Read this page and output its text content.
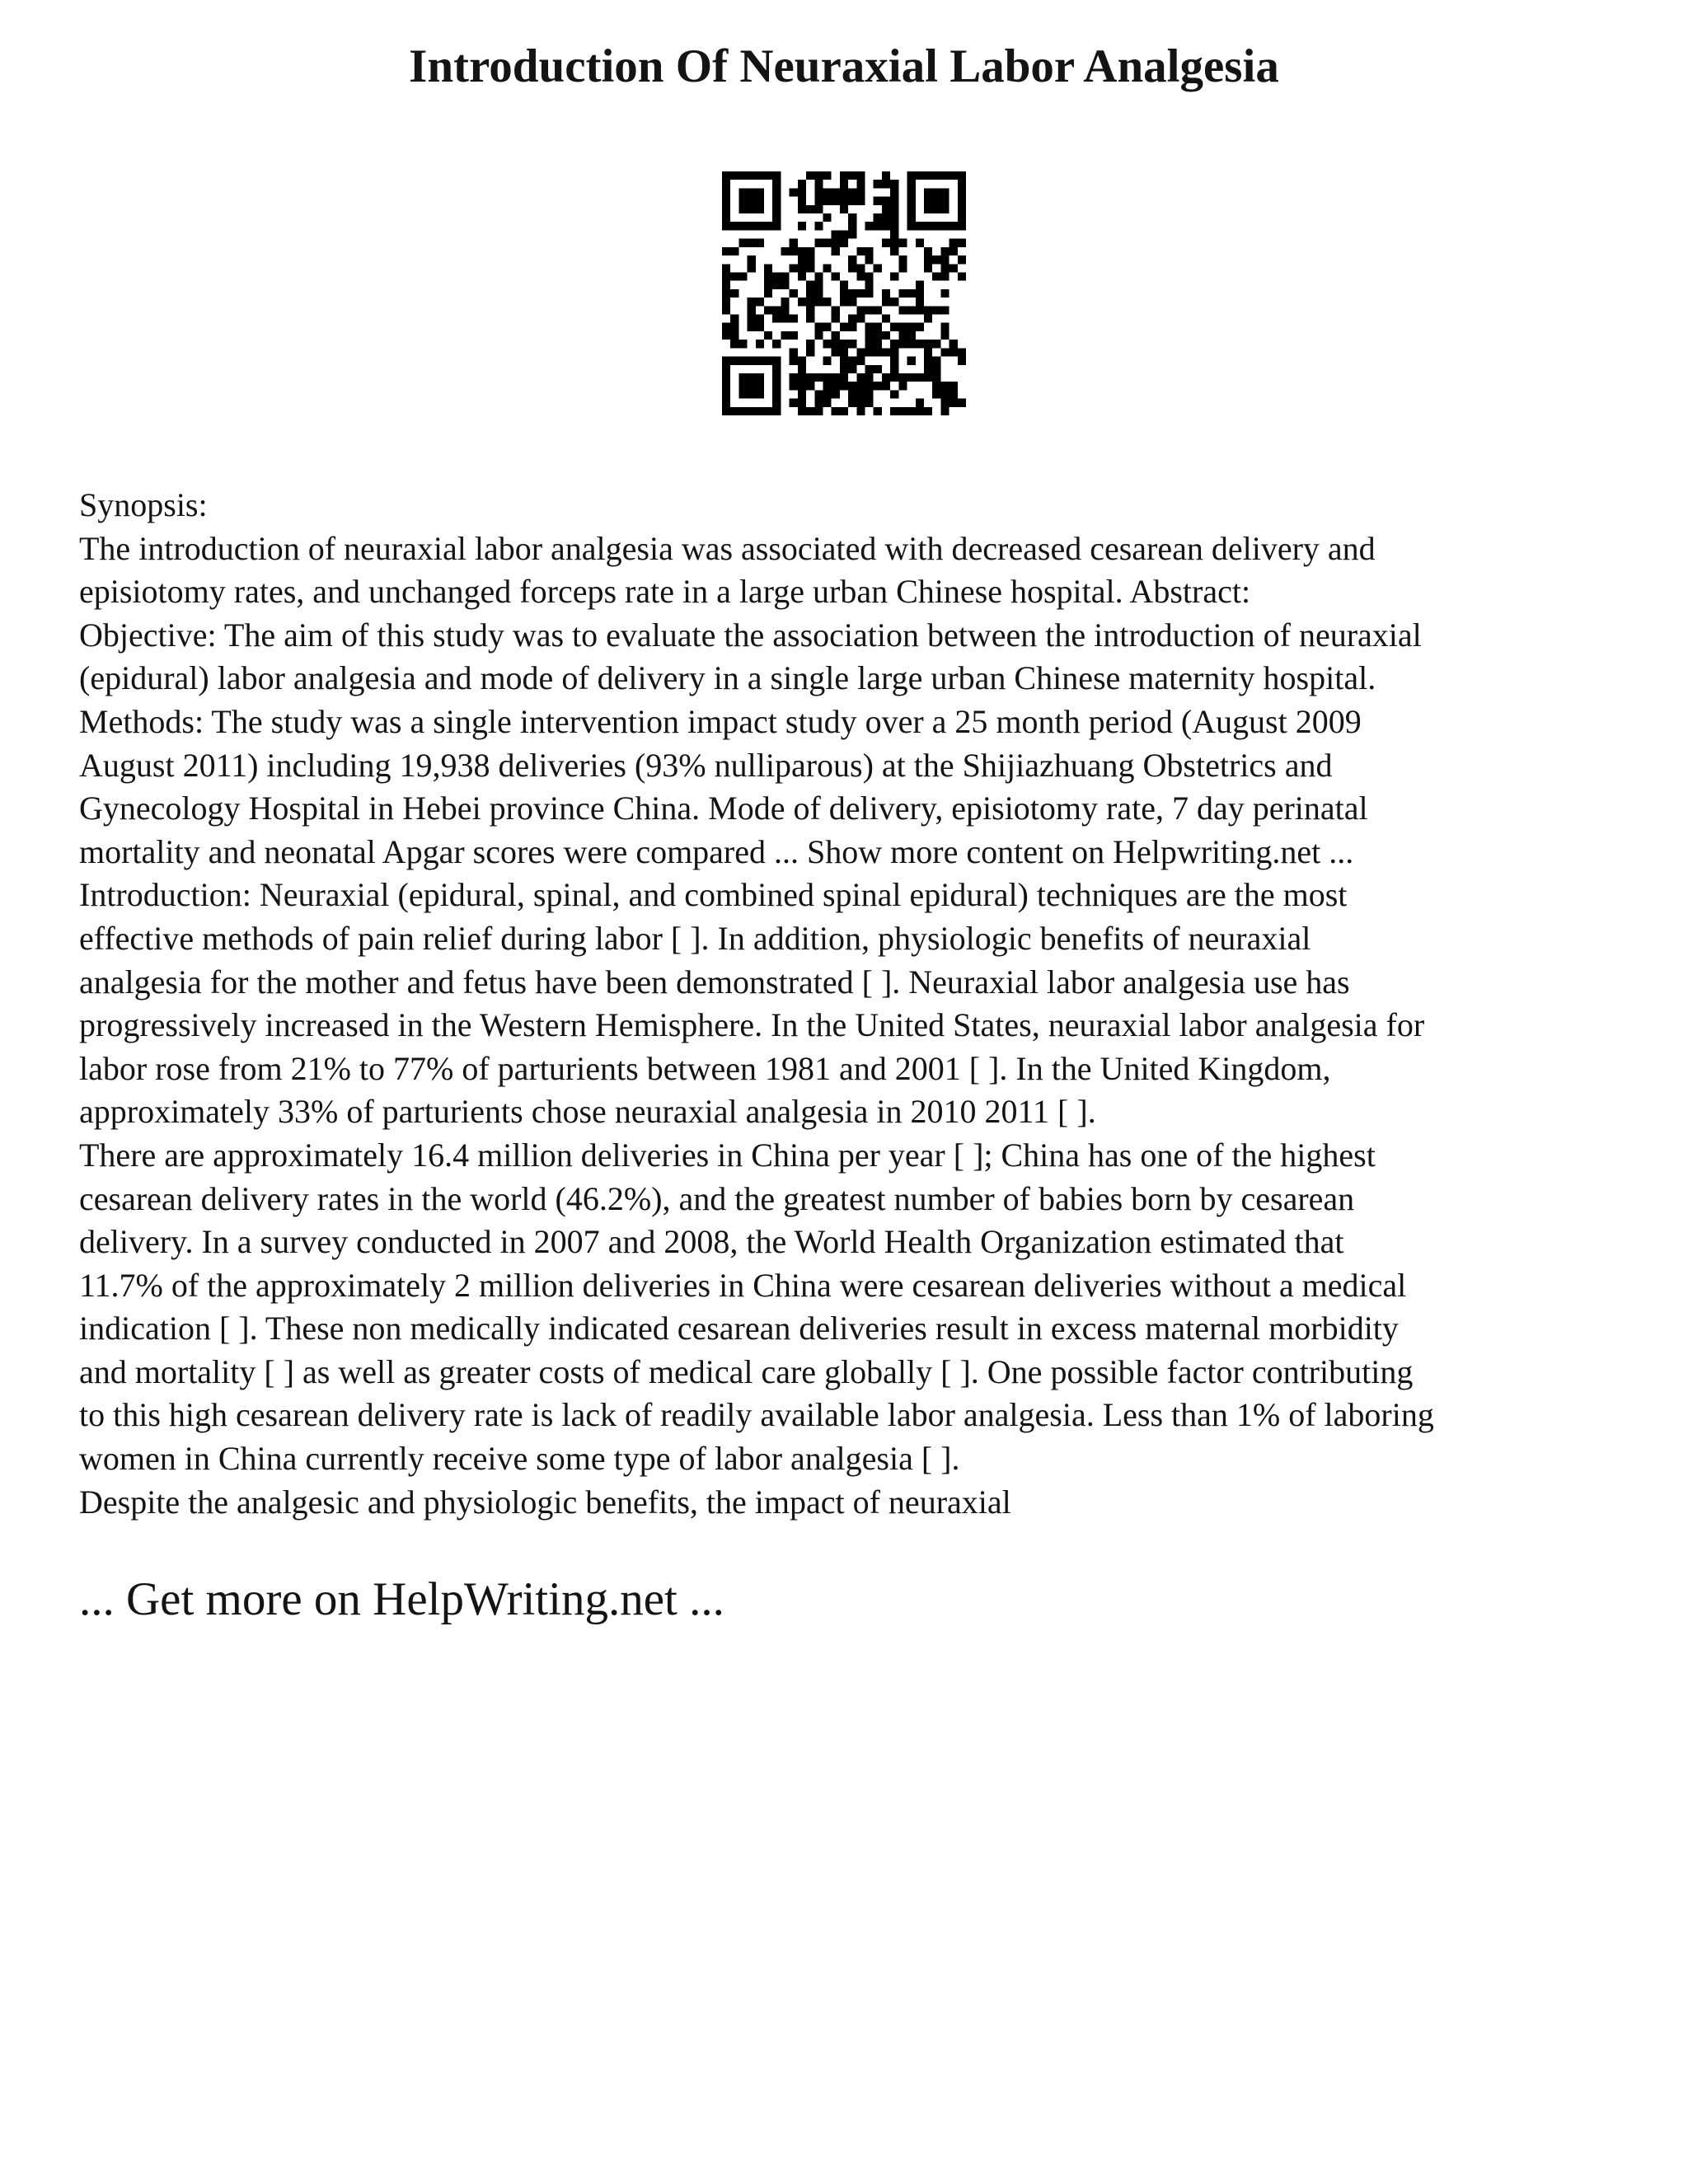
Introduction Of Neuraxial Labor Analgesia

Synopsis:

The introduction of neuraxial labor analgesia was associated with decreased cesarean delivery and
episiotomy rates, and unchanged forceps rate in a large urban Chinese hospital. Abstract:

Objective: The aim of this study was to evaluate the association between the introduction of neuraxial
(epidural) labor analgesia and mode of delivery in a single large urban Chinese maternity hospital.

Methods: The study was a single intervention impact study over a 25 month period (August 2009
August 2011) including 19,938 deliveries (93% nulliparous) at the Shijiazhuang Obstetrics and
Gynecology Hospital in Hebei province China. Mode of delivery, episiotomy rate, 7 day perinatal
mortality and neonatal Apgar scores were compared ... Show more content on Helpwriting.net ...

Introduction: Neuraxial (epidural, spinal, and combined spinal epidural) techniques are the most
effective methods of pain relief during labor [ ]. In addition, physiologic benefits of neuraxial
analgesia for the mother and fetus have been demonstrated [ ]. Neuraxial labor analgesia use has
progressively increased in the Western Hemisphere. In the United States, neuraxial labor analgesia for
labor rose from 21% to 77% of parturients between 1981 and 2001 [ ]. In the United Kingdom,
approximately 33% of parturients chose neuraxial analgesia in 2010 2011 [ ].

There are approximately 16.4 million deliveries in China per year [ ]; China has one of the highest
cesarean delivery rates in the world (46.2%), and the greatest number of babies born by cesarean
delivery. In a survey conducted in 2007 and 2008, the World Health Organization estimated that
11.7% of the approximately 2 million deliveries in China were cesarean deliveries without a medical
indication [ ]. These non medically indicated cesarean deliveries result in excess maternal morbidity
and mortality [ ] as well as greater costs of medical care globally [ ]. One possible factor contributing
to this high cesarean delivery rate is lack of readily available labor analgesia. Less than 1% of laboring
women in China currently receive some type of labor analgesia [ ].

Despite the analgesic and physiologic benefits, the impact of neuraxial

... Get more on HelpWriting.net ...
